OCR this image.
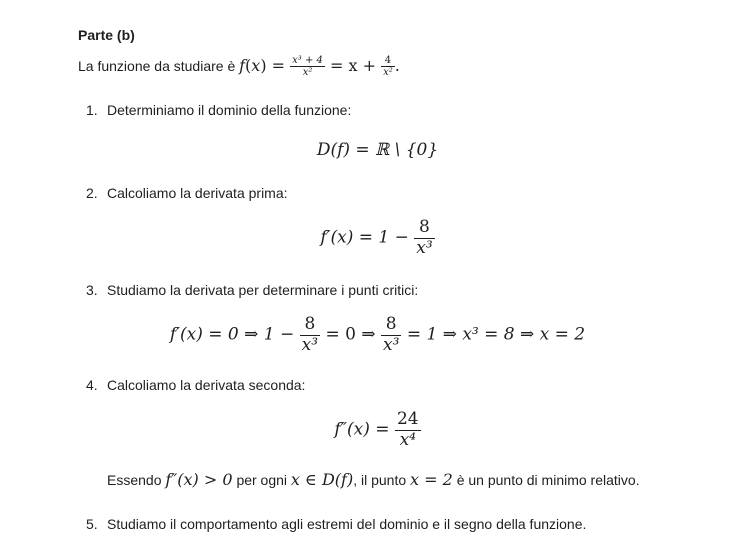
Parte (b)
La funzione da studiare è $f(x) = \frac{\text{x³ + 4}}{\text{x²}} = x + \frac{4}{\text{x²}}$ .
1. Determiniamo il dominio della funzione:
D(f) = ℝ \ {0}
2. Calcoliamo la derivata prima:
$f'(x) = 1 - \frac{8}{\text{x³}}$
3. Studiamo la derivata per determinare i punti critici:
f′(x) = 0 ⇒ $1 - \frac{8}{\text{x³}} = 0$ ⇒ $\frac{8}{\text{x³}} = 1$ ⇒ x³ = 8 ⇒ x = 2
4. Calcoliamo la derivata seconda:
$f''(x) = \frac{24}{\text{x⁴}}$
Essendo f″(x) > 0 per ogni x ∈ D(f), il punto x = 2 è un punto di minimo relativo.
5. Studiamo il comportamento agli estremi del dominio e il segno della funzione.
